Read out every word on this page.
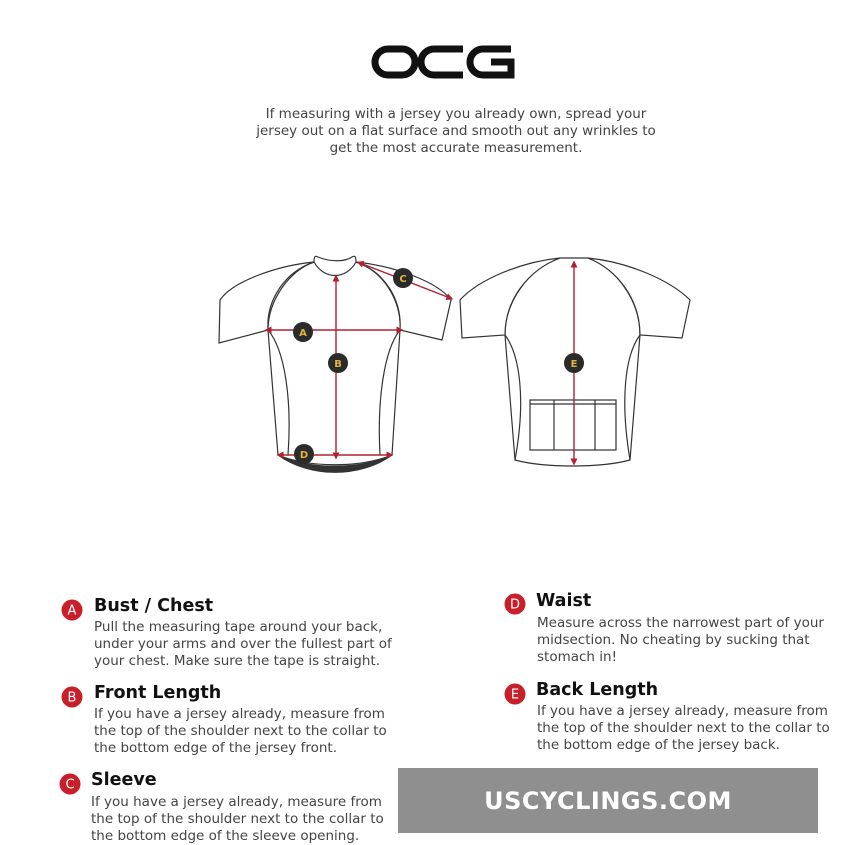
If measuring with a jersey you already own, spread your
jersey out on a flat surface and smooth out any wrinkles to
get the most accurate measurement.
A
B
C
D
E
A Bust / Chest
Pull the measuring tape around your back,
under your arms and over the fullest part of
your chest. Make sure the tape is straight.
B Front Length
If you have a jersey already, measure from
the top of the shoulder next to the collar to
the bottom edge of the jersey front.
C Sleeve
If you have a jersey already, measure from
the top of the shoulder next to the collar to
the bottom edge of the sleeve opening.
D Waist
Measure across the narrowest part of your
midsection. No cheating by sucking that
stomach in!
E Back Length
If you have a jersey already, measure from
the top of the shoulder next to the collar to
the bottom edge of the jersey back.
USCYCLINGS.COM
